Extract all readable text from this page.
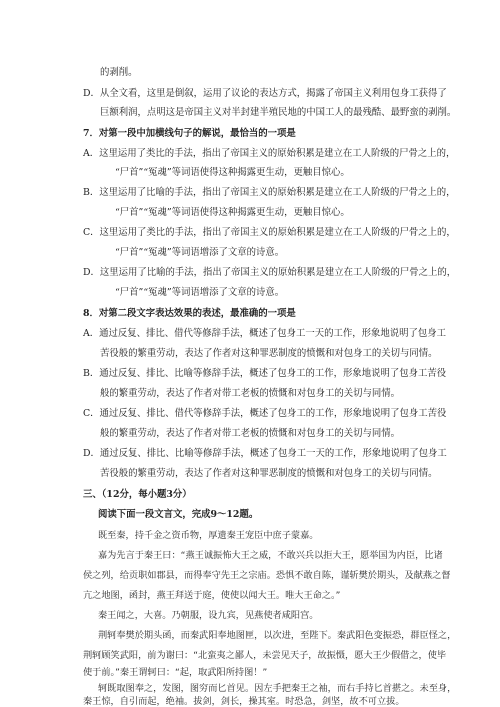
的剥削。
D．从全文看，这里是倒叙，运用了议论的表达方式，揭露了帝国主义利用包身工获得了
巨额利润，点明这是帝国主义对半封建半殖民地的中国工人的最残酷、最野蛮的剥削。
7．对第一段中加横线句子的解说，最恰当的一项是
A．这里运用了类比的手法，指出了帝国主义的原始积累是建立在工人阶级的尸骨之上的，
“尸首”“冤魂”等词语使得这种揭露更生动，更触目惊心。
B．这里运用了比喻的手法，指出了帝国主义的原始积累是建立在工人阶级的尸骨之上的，
“尸首”“冤魂”等词语使得这种揭露更生动，更触目惊心。
C．这里运用了类比的手法，指出了帝国主义的原始积累是建立在工人阶级的尸骨之上的，
“尸首”“冤魂”等词语增添了文章的诗意。
D．这里运用了比喻的手法，指出了帝国主义的原始积累是建立在工人阶级的尸骨之上的，
“尸首”“冤魂”等词语增添了文章的诗意。
8．对第二段文字表达效果的表述，最准确的一项是
A．通过反复、排比、借代等修辞手法，概述了包身工一天的工作，形象地说明了包身工
苦役般的繁重劳动，表达了作者对这种罪恶制度的愤慨和对包身工的关切与同情。
B．通过反复、排比、比喻等修辞手法，概述了包身工的工作，形象地说明了包身工苦役
般的繁重劳动，表达了作者对带工老板的愤慨和对包身工的关切与同情。
C．通过反复、排比、借代等修辞手法，概述了包身工的工作，形象地说明了包身工苦役
般的繁重劳动，表达了作者对带工老板的愤慨和对包身工的关切与同情。
D．通过反复、排比、比喻等修辞手法，概述了包身工一天的工作，形象地说明了包身工
苦役般的繁重劳动，表达了作者对这种罪恶制度的愤慨和对包身工的关切与同情。
三、（12分，每小题3分）
阅读下面一段文言文，完成9～12题。
既至秦，持千金之资币物，厚遗秦王宠臣中庶子蒙嘉。
嘉为先言于秦王曰：“燕王诚振怖大王之威，不敢兴兵以拒大王，愿举国为内臣，比诸
侯之列，给贡职如郡县，而得奉守先王之宗庙。恐惧不敢自陈，谨斩樊於期头，及献燕之督
亢之地图，函封，燕王拜送于庭，使使以闻大王。唯大王命之。”
秦王闻之，大喜。乃朝服，设九宾，见燕使者咸阳宫。
荆轲奉樊於期头函，而秦武阳奉地图匣，以次进，至陛下。秦武阳色变振恐，群臣怪之，
荆轲顾笑武阳，前为谢曰：“北蛮夷之鄙人，未尝见天子，故振慑，愿大王少假借之，使毕
使于前。”秦王谓轲曰：“起，取武阳所持图！”
轲既取图奉之，发图，图穷而匕首见。因左手把秦王之袖，而右手持匕首揕之。未至身，
秦王惊，自引而起，绝袖。拔剑，剑长，操其室。时恐急，剑坚，故不可立拔。
